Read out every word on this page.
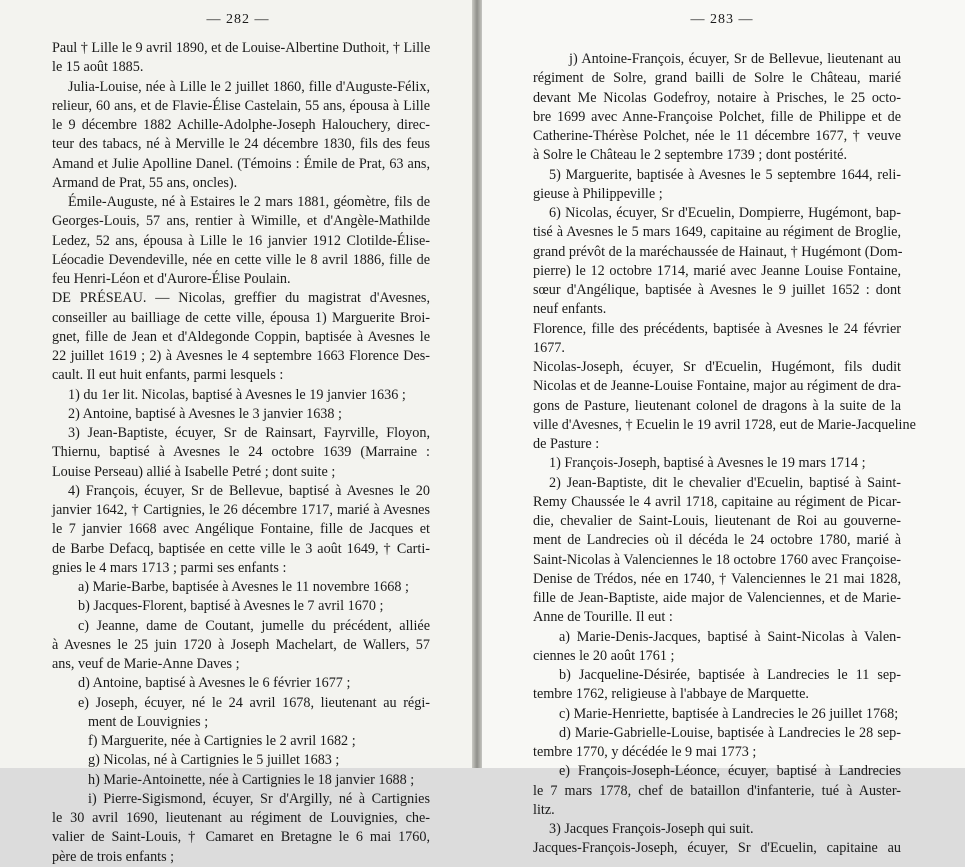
— 282 —	— 283 —
Paul † Lille le 9 avril 1890, et de Louise-Albertine Duthoit, † Lille
le 15 août 1885.
Julia-Louise, née à Lille le 2 juillet 1860, fille d'Auguste-Félix,
relieur, 60 ans, et de Flavie-Élise Castelain, 55 ans, épousa à Lille
le 9 décembre 1882 Achille-Adolphe-Joseph Halouchery, direc-
teur des tabacs, né à Merville le 24 décembre 1830, fils des feus
Amand et Julie Apolline Danel. (Témoins : Émile de Prat, 63 ans,
Armand de Prat, 55 ans, oncles).
Émile-Auguste, né à Estaires le 2 mars 1881, géomètre, fils de
Georges-Louis, 57 ans, rentier à Wimille, et d'Angèle-Mathilde
Ledez, 52 ans, épousa à Lille le 16 janvier 1912 Clotilde-Élise-
Léocadie Devendeville, née en cette ville le 8 avril 1886, fille de
feu Henri-Léon et d'Aurore-Élise Poulain.
DE PRÉSEAU. — Nicolas, greffier du magistrat d'Avesnes,
conseiller au bailliage de cette ville, épousa 1) Marguerite Broi-
gnet, fille de Jean et d'Aldegonde Coppin, baptisée à Avesnes le
22 juillet 1619 ; 2) à Avesnes le 4 septembre 1663 Florence Des-
cault. Il eut huit enfants, parmi lesquels :
1) du 1er lit. Nicolas, baptisé à Avesnes le 19 janvier 1636 ;
2) Antoine, baptisé à Avesnes le 3 janvier 1638 ;
3) Jean-Baptiste, écuyer, Sr de Rainsart, Fayrville, Floyon,
Thiernu, baptisé à Avesnes le 24 octobre 1639 (Marraine :
Louise Perseau) allié à Isabelle Petré ; dont suite ;
4) François, écuyer, Sr de Bellevue, baptisé à Avesnes le 20
janvier 1642, † Cartignies, le 26 décembre 1717, marié à Avesnes
le 7 janvier 1668 avec Angélique Fontaine, fille de Jacques et
de Barbe Defacq, baptisée en cette ville le 3 août 1649, † Carti-
gnies le 4 mars 1713 ; parmi ses enfants :
a) Marie-Barbe, baptisée à Avesnes le 11 novembre 1668 ;
b) Jacques-Florent, baptisé à Avesnes le 7 avril 1670 ;
c) Jeanne, dame de Coutant, jumelle du précédent, alliée
à Avesnes le 25 juin 1720 à Joseph Machelart, de Wallers, 57
ans, veuf de Marie-Anne Daves ;
d) Antoine, baptisé à Avesnes le 6 février 1677 ;
e) Joseph, écuyer, né le 24 avril 1678, lieutenant au régi-
ment de Louvignies ;
f) Marguerite, née à Cartignies le 2 avril 1682 ;
g) Nicolas, né à Cartignies le 5 juillet 1683 ;
h) Marie-Antoinette, née à Cartignies le 18 janvier 1688 ;
i) Pierre-Sigismond, écuyer, Sr d'Argilly, né à Cartignies
le 30 avril 1690, lieutenant au régiment de Louvignies, che-
valier de Saint-Louis, † Camaret en Bretagne le 6 mai 1760,
père de trois enfants ;
j) Antoine-François, écuyer, Sr de Bellevue, lieutenant au
régiment de Solre, grand bailli de Solre le Château, marié
devant Me Nicolas Godefroy, notaire à Prisches, le 25 octo-
bre 1699 avec Anne-Françoise Polchet, fille de Philippe et de
Catherine-Thérèse Polchet, née le 11 décembre 1677, † veuve
à Solre le Château le 2 septembre 1739 ; dont postérité.
5) Marguerite, baptisée à Avesnes le 5 septembre 1644, reli-
gieuse à Philippeville ;
6) Nicolas, écuyer, Sr d'Ecuelin, Dompierre, Hugémont, bap-
tisé à Avesnes le 5 mars 1649, capitaine au régiment de Broglie,
grand prévôt de la maréchaussée de Hainaut, † Hugémont (Dom-
pierre) le 12 octobre 1714, marié avec Jeanne Louise Fontaine,
sœur d'Angélique, baptisée à Avesnes le 9 juillet 1652 : dont
neuf enfants.
Florence, fille des précédents, baptisée à Avesnes le 24 février
1677.
Nicolas-Joseph, écuyer, Sr d'Ecuelin, Hugémont, fils dudit
Nicolas et de Jeanne-Louise Fontaine, major au régiment de dra-
gons de Pasture, lieutenant colonel de dragons à la suite de la
ville d'Avesnes, † Ecuelin le 19 avril 1728, eut de Marie-Jacqueline
de Pasture :
1) François-Joseph, baptisé à Avesnes le 19 mars 1714 ;
2) Jean-Baptiste, dit le chevalier d'Ecuelin, baptisé à Saint-
Remy Chaussée le 4 avril 1718, capitaine au régiment de Picar-
die, chevalier de Saint-Louis, lieutenant de Roi au gouverne-
ment de Landrecies où il décéda le 24 octobre 1780, marié à
Saint-Nicolas à Valenciennes le 18 octobre 1760 avec Françoise-
Denise de Trédos, née en 1740, † Valenciennes le 21 mai 1828,
fille de Jean-Baptiste, aide major de Valenciennes, et de Marie-
Anne de Tourille. Il eut :
a) Marie-Denis-Jacques, baptisé à Saint-Nicolas à Valen-
ciennes le 20 août 1761 ;
b) Jacqueline-Désirée, baptisée à Landrecies le 11 sep-
tembre 1762, religieuse à l'abbaye de Marquette.
c) Marie-Henriette, baptisée à Landrecies le 26 juillet 1768;
d) Marie-Gabrielle-Louise, baptisée à Landrecies le 28 sep-
tembre 1770, y décédée le 9 mai 1773 ;
e) François-Joseph-Léonce, écuyer, baptisé à Landrecies
le 7 mars 1778, chef de bataillon d'infanterie, tué à Auster-
litz.
3) Jacques François-Joseph qui suit.
Jacques-François-Joseph, écuyer, Sr d'Ecuelin, capitaine au
